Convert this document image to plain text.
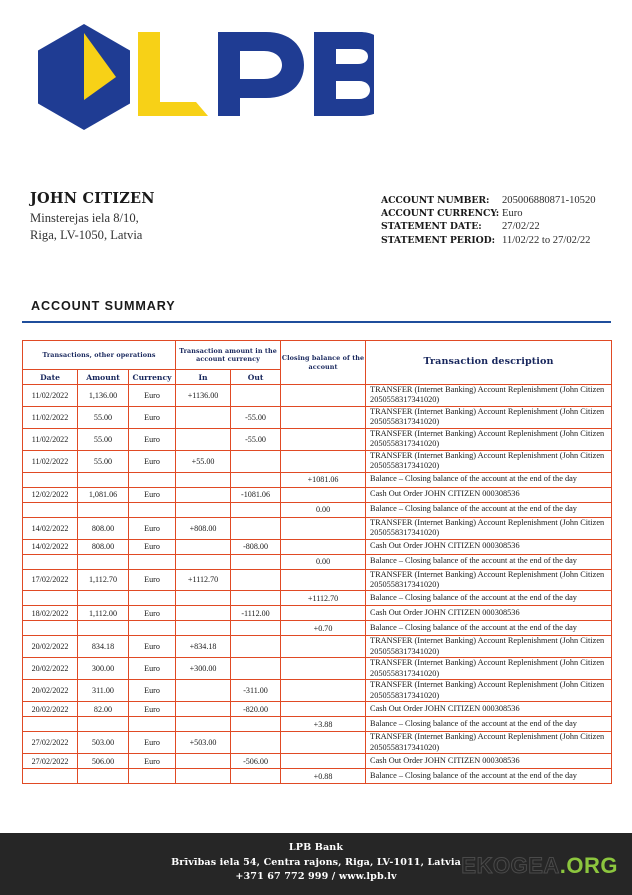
JOHN CITIZEN
Minsterejas iela 8/10,
Riga, LV-1050, Latvia
ACCOUNT NUMBER:	205006880871-10520
ACCOUNT CURRENCY: Euro
STATEMENT DATE:	27/02/22
STATEMENT PERIOD: 11/02/22 to 27/02/22
ACCOUNT SUMMARY
Transactions, other operations			Transaction amount in the account currency		Closing balance of the account	Transaction description
Date	Amount	Currency	In	Out		
11/02/2022	1,136.00	Euro	+1136.00			TRANSFER (Internet Banking) Account Replenishment (John Citizen 2050558317341020)
11/02/2022	55.00	Euro		-55.00		TRANSFER (Internet Banking) Account Replenishment (John Citizen 2050558317341020)
11/02/2022	55.00	Euro		-55.00		TRANSFER (Internet Banking) Account Replenishment (John Citizen 2050558317341020)
11/02/2022	55.00	Euro	+55.00			TRANSFER (Internet Banking) Account Replenishment (John Citizen 2050558317341020)
					+1081.06	Balance – Closing balance of the account at the end of the day
12/02/2022	1,081.06	Euro		-1081.06		Cash Out Order JOHN CITIZEN 000308536
					0.00	Balance – Closing balance of the account at the end of the day
14/02/2022	808.00	Euro	+808.00			TRANSFER (Internet Banking) Account Replenishment (John Citizen 2050558317341020)
14/02/2022	808.00	Euro		-808.00		Cash Out Order JOHN CITIZEN 000308536
					0.00	Balance – Closing balance of the account at the end of the day
17/02/2022	1,112.70	Euro	+1112.70			TRANSFER (Internet Banking) Account Replenishment (John Citizen 2050558317341020)
					+1112.70	Balance – Closing balance of the account at the end of the day
18/02/2022	1,112.00	Euro		-1112.00		Cash Out Order JOHN CITIZEN 000308536
					+0.70	Balance – Closing balance of the account at the end of the day
20/02/2022	834.18	Euro	+834.18			TRANSFER (Internet Banking) Account Replenishment (John Citizen 2050558317341020)
20/02/2022	300.00	Euro	+300.00			TRANSFER (Internet Banking) Account Replenishment (John Citizen 2050558317341020)
20/02/2022	311.00	Euro		-311.00		TRANSFER (Internet Banking) Account Replenishment (John Citizen 2050558317341020)
20/02/2022	82.00	Euro		-820.00		Cash Out Order JOHN CITIZEN 000308536
					+3.88	Balance – Closing balance of the account at the end of the day
27/02/2022	503.00	Euro	+503.00			TRANSFER (Internet Banking) Account Replenishment (John Citizen 2050558317341020)
27/02/2022	506.00	Euro		-506.00		Cash Out Order JOHN CITIZEN 000308536
					+0.88	Balance – Closing balance of the account at the end of the day
LPB Bank
Brīvības iela 54, Centra rajons, Riga, LV-1011, Latvia
+371 67 772 999 / www.lpb.lv	EKOGEA.ORG
